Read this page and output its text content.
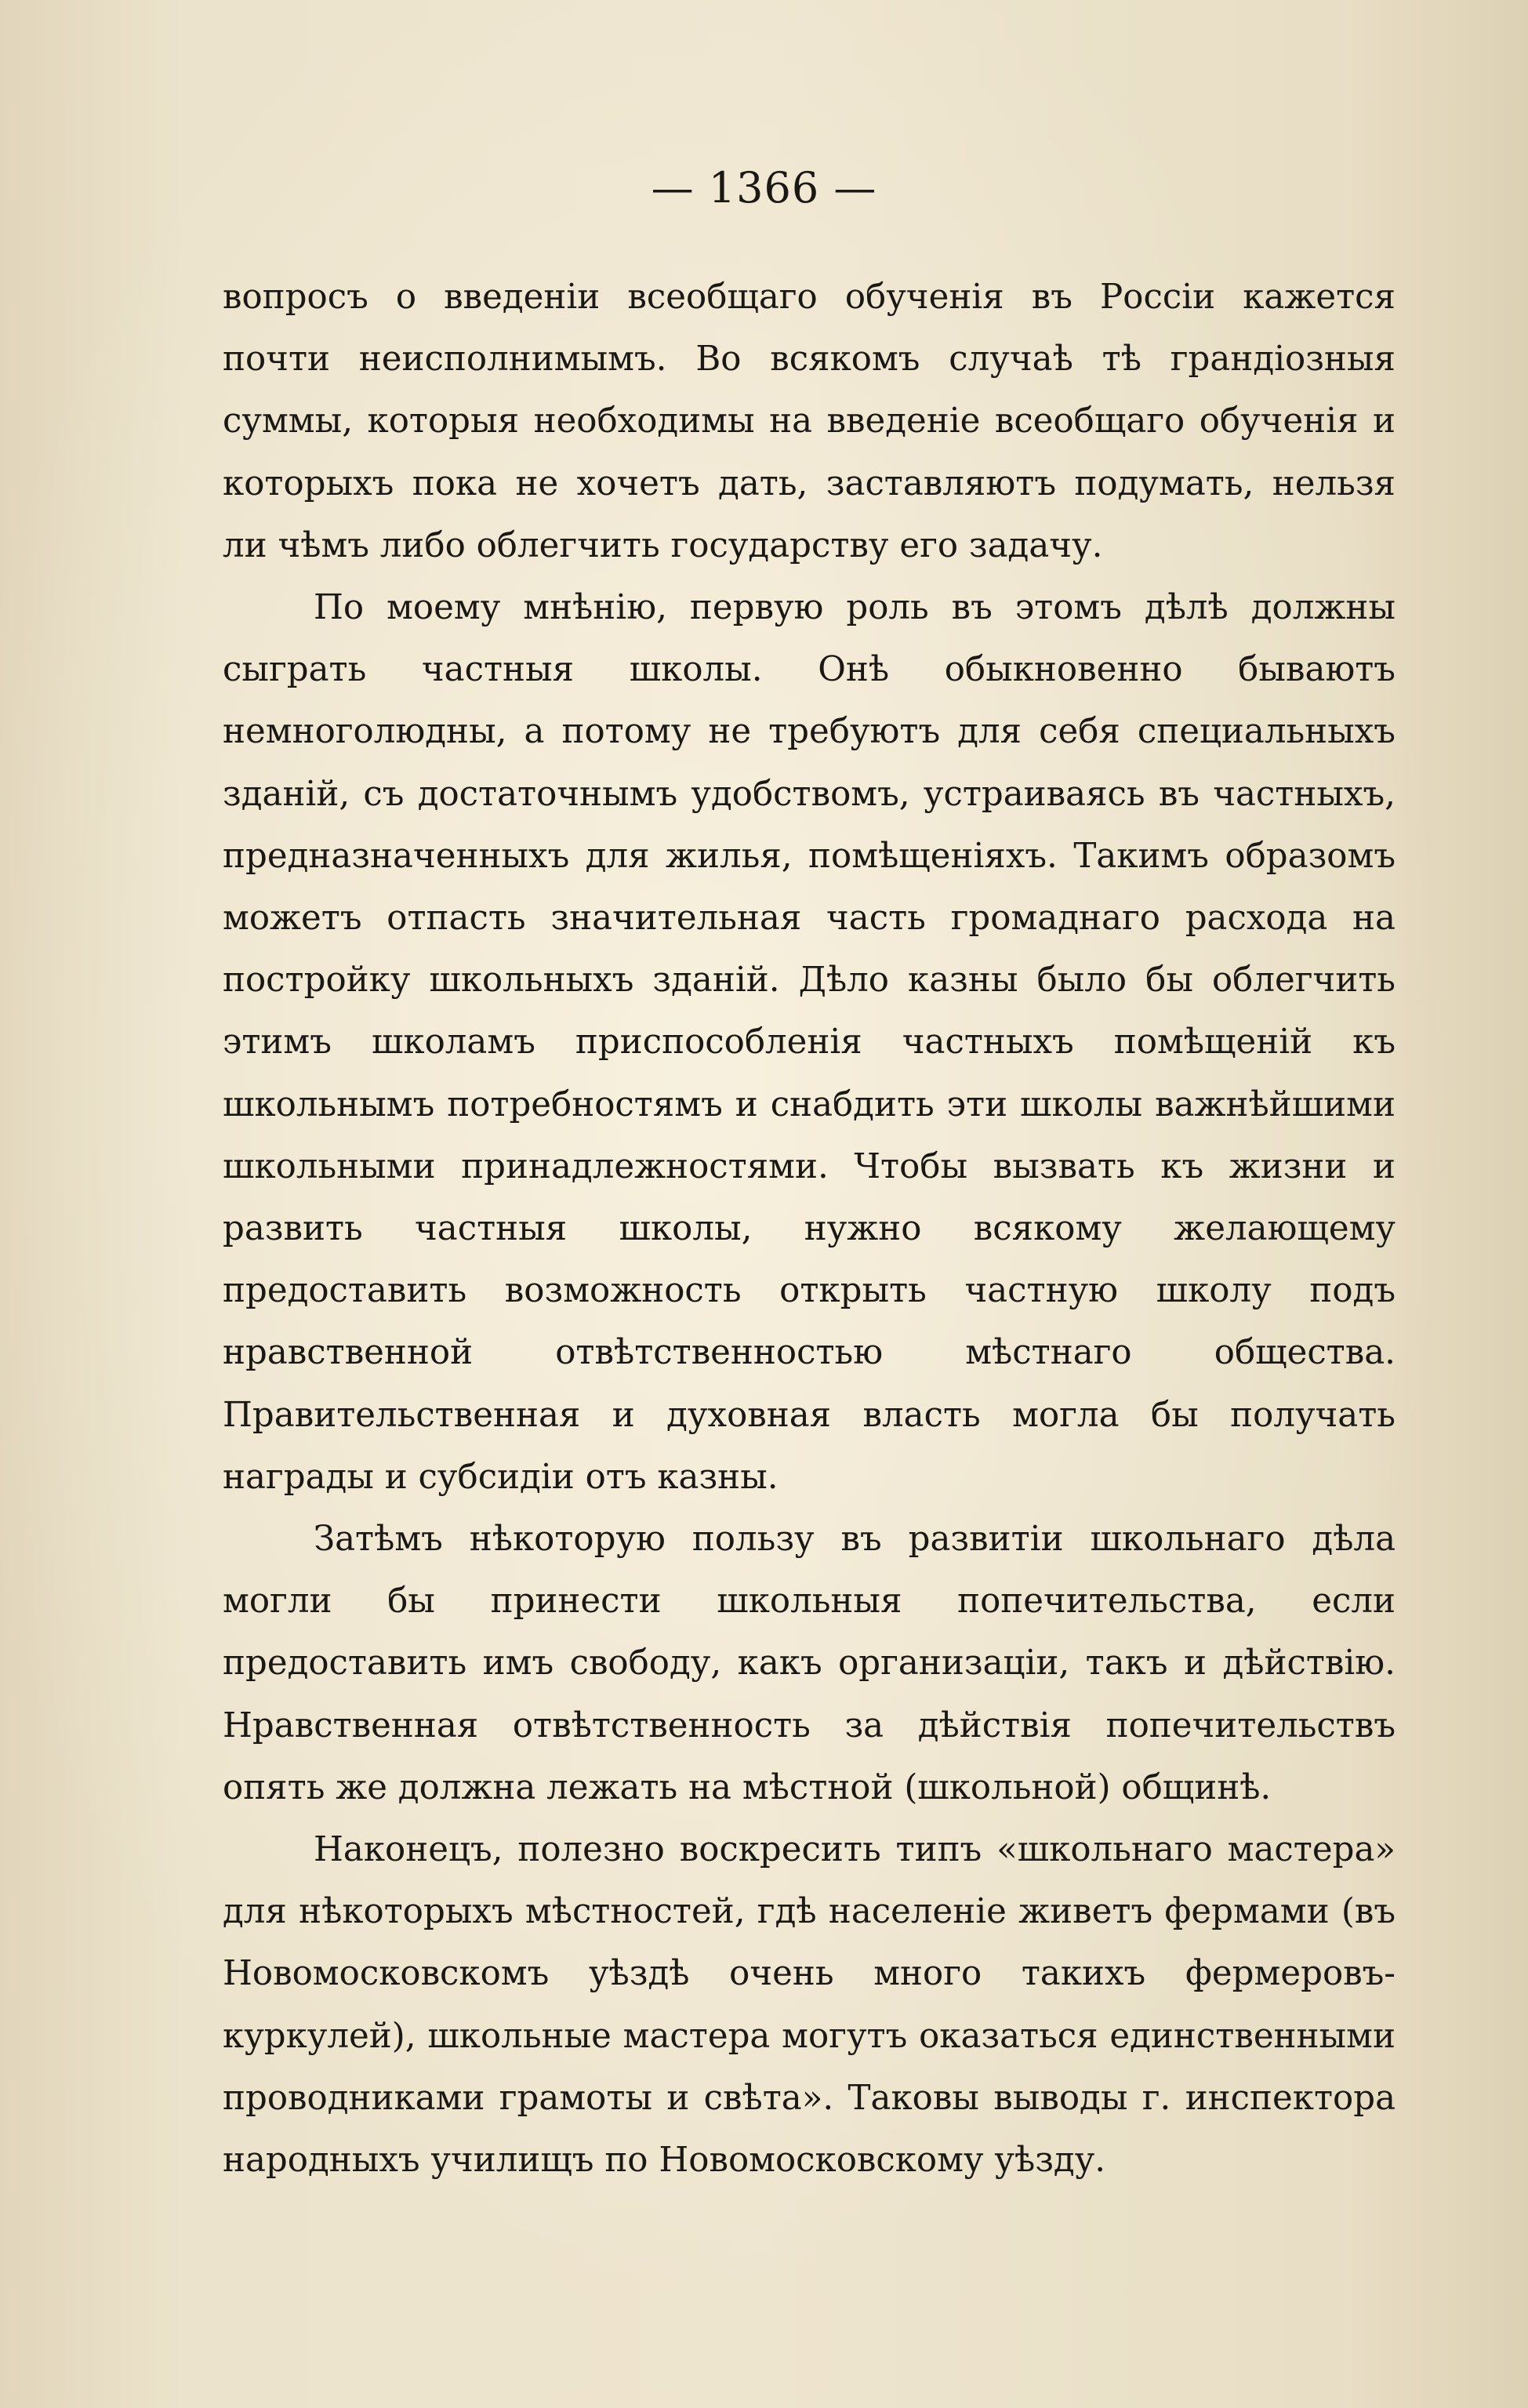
— 1366 —

вопросъ о введенiи всеобщаго обученiя въ Россiи кажется почти неисполнимымъ. Во всякомъ случаѣ тѣ грандiозныя суммы, которыя необходимы на введенiе всеобщаго обученiя и которыхъ пока не хочетъ дать, заставляютъ подумать, нельзя ли чѣмъ либо облегчить государству его задачу.

По моему мнѣнiю, первую роль въ этомъ дѣлѣ должны сыграть частныя школы. Онѣ обыкновенно бываютъ немноголюдны, а потому не требуютъ для себя специальныхъ зданiй, съ достаточнымъ удобствомъ, устраиваясь въ частныхъ, предназначенныхъ для жилья, помѣщенiяхъ. Такимъ образомъ можетъ отпасть значительная часть громаднаго расхода на постройку школьныхъ зданiй. Дѣло казны было бы облегчить этимъ школамъ приспособленiя частныхъ помѣщенiй къ школьнымъ потребностямъ и снабдить эти школы важнѣйшими школьными принадлежностями. Чтобы вызвать къ жизни и развить частныя школы, нужно всякому желающему предоставить возможность открыть частную школу подъ нравственной отвѣтственностью мѣстнаго общества. Правительственная и духовная власть могла бы получать награды и субсидiи отъ казны.

Затѣмъ нѣкоторую пользу въ развитiи школьнаго дѣла могли бы принести школьныя попечительства, если предоставить имъ свободу, какъ организацiи, такъ и дѣйствiю. Нравственная отвѣтственность за дѣйствiя попечительствъ опять же должна лежать на мѣстной (школьной) общинѣ.

Наконецъ, полезно воскресить типъ «школьнаго мастера» для нѣкоторыхъ мѣстностей, гдѣ населенiе живетъ фермами (въ Новомосковскомъ уѣздѣ очень много такихъ фермеровъ-куркулей), школьные мастера могутъ оказаться единственными проводниками грамоты и свѣта». Таковы выводы г. инспектора народныхъ училищъ по Новомосковскому уѣзду.
